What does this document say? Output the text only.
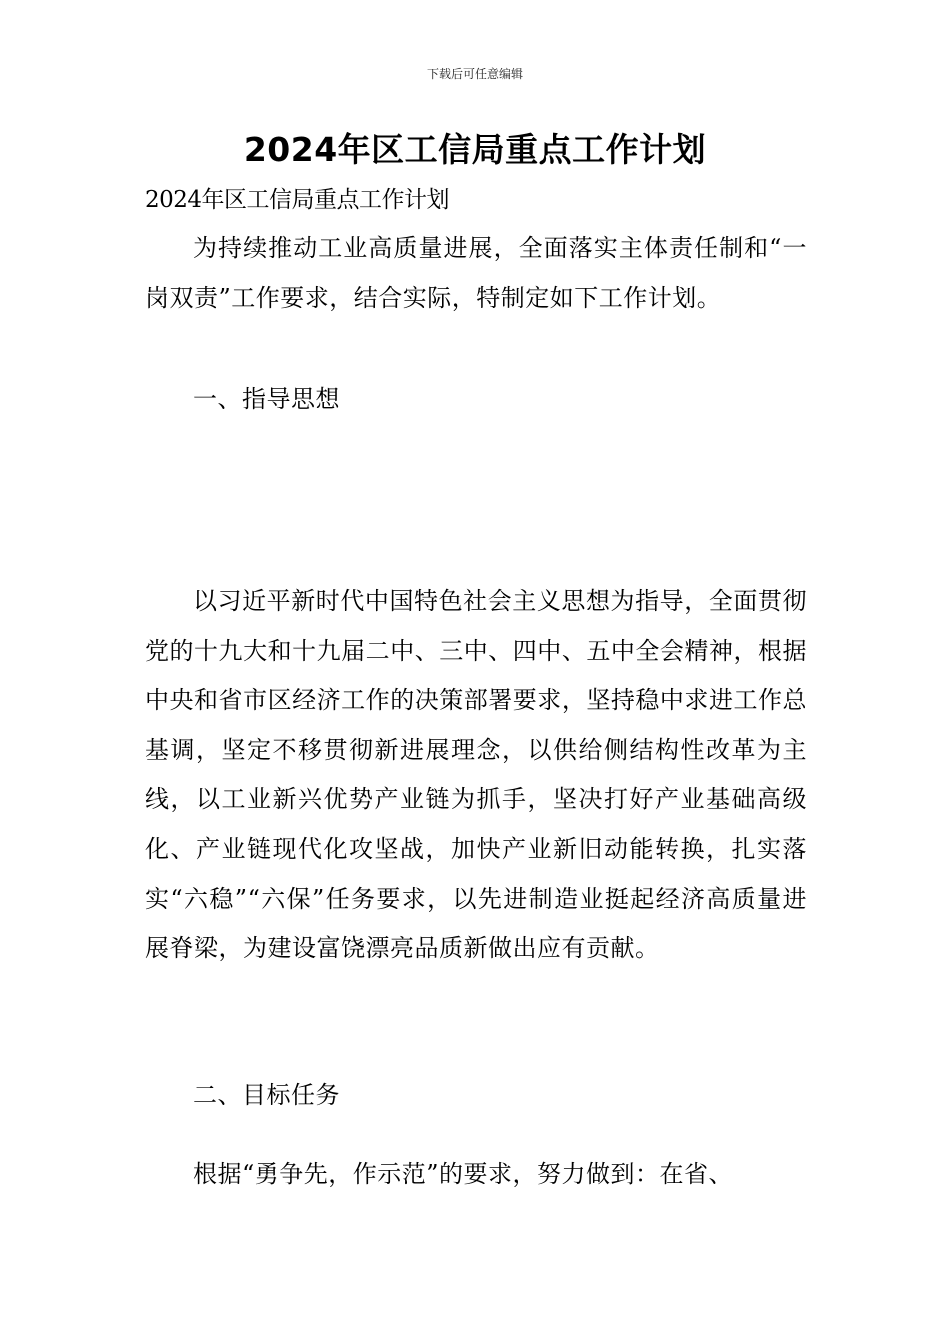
下载后可任意编辑
2024年区工信局重点工作计划
2024年区工信局重点工作计划
为持续推动工业高质量进展，全面落实主体责任制和“一岗双责”工作要求，结合实际，特制定如下工作计划。
一、指导思想
以习近平新时代中国特色社会主义思想为指导，全面贯彻党的十九大和十九届二中、三中、四中、五中全会精神，根据中央和省市区经济工作的决策部署要求，坚持稳中求进工作总基调，坚定不移贯彻新进展理念，以供给侧结构性改革为主线，以工业新兴优势产业链为抓手，坚决打好产业基础高级化、产业链现代化攻坚战，加快产业新旧动能转换，扎实落实“六稳”“六保”任务要求，以先进制造业挺起经济高质量进展脊梁，为建设富饶漂亮品质新做出应有贡献。
二、目标任务
根据“勇争先，作示范”的要求，努力做到：在省、
